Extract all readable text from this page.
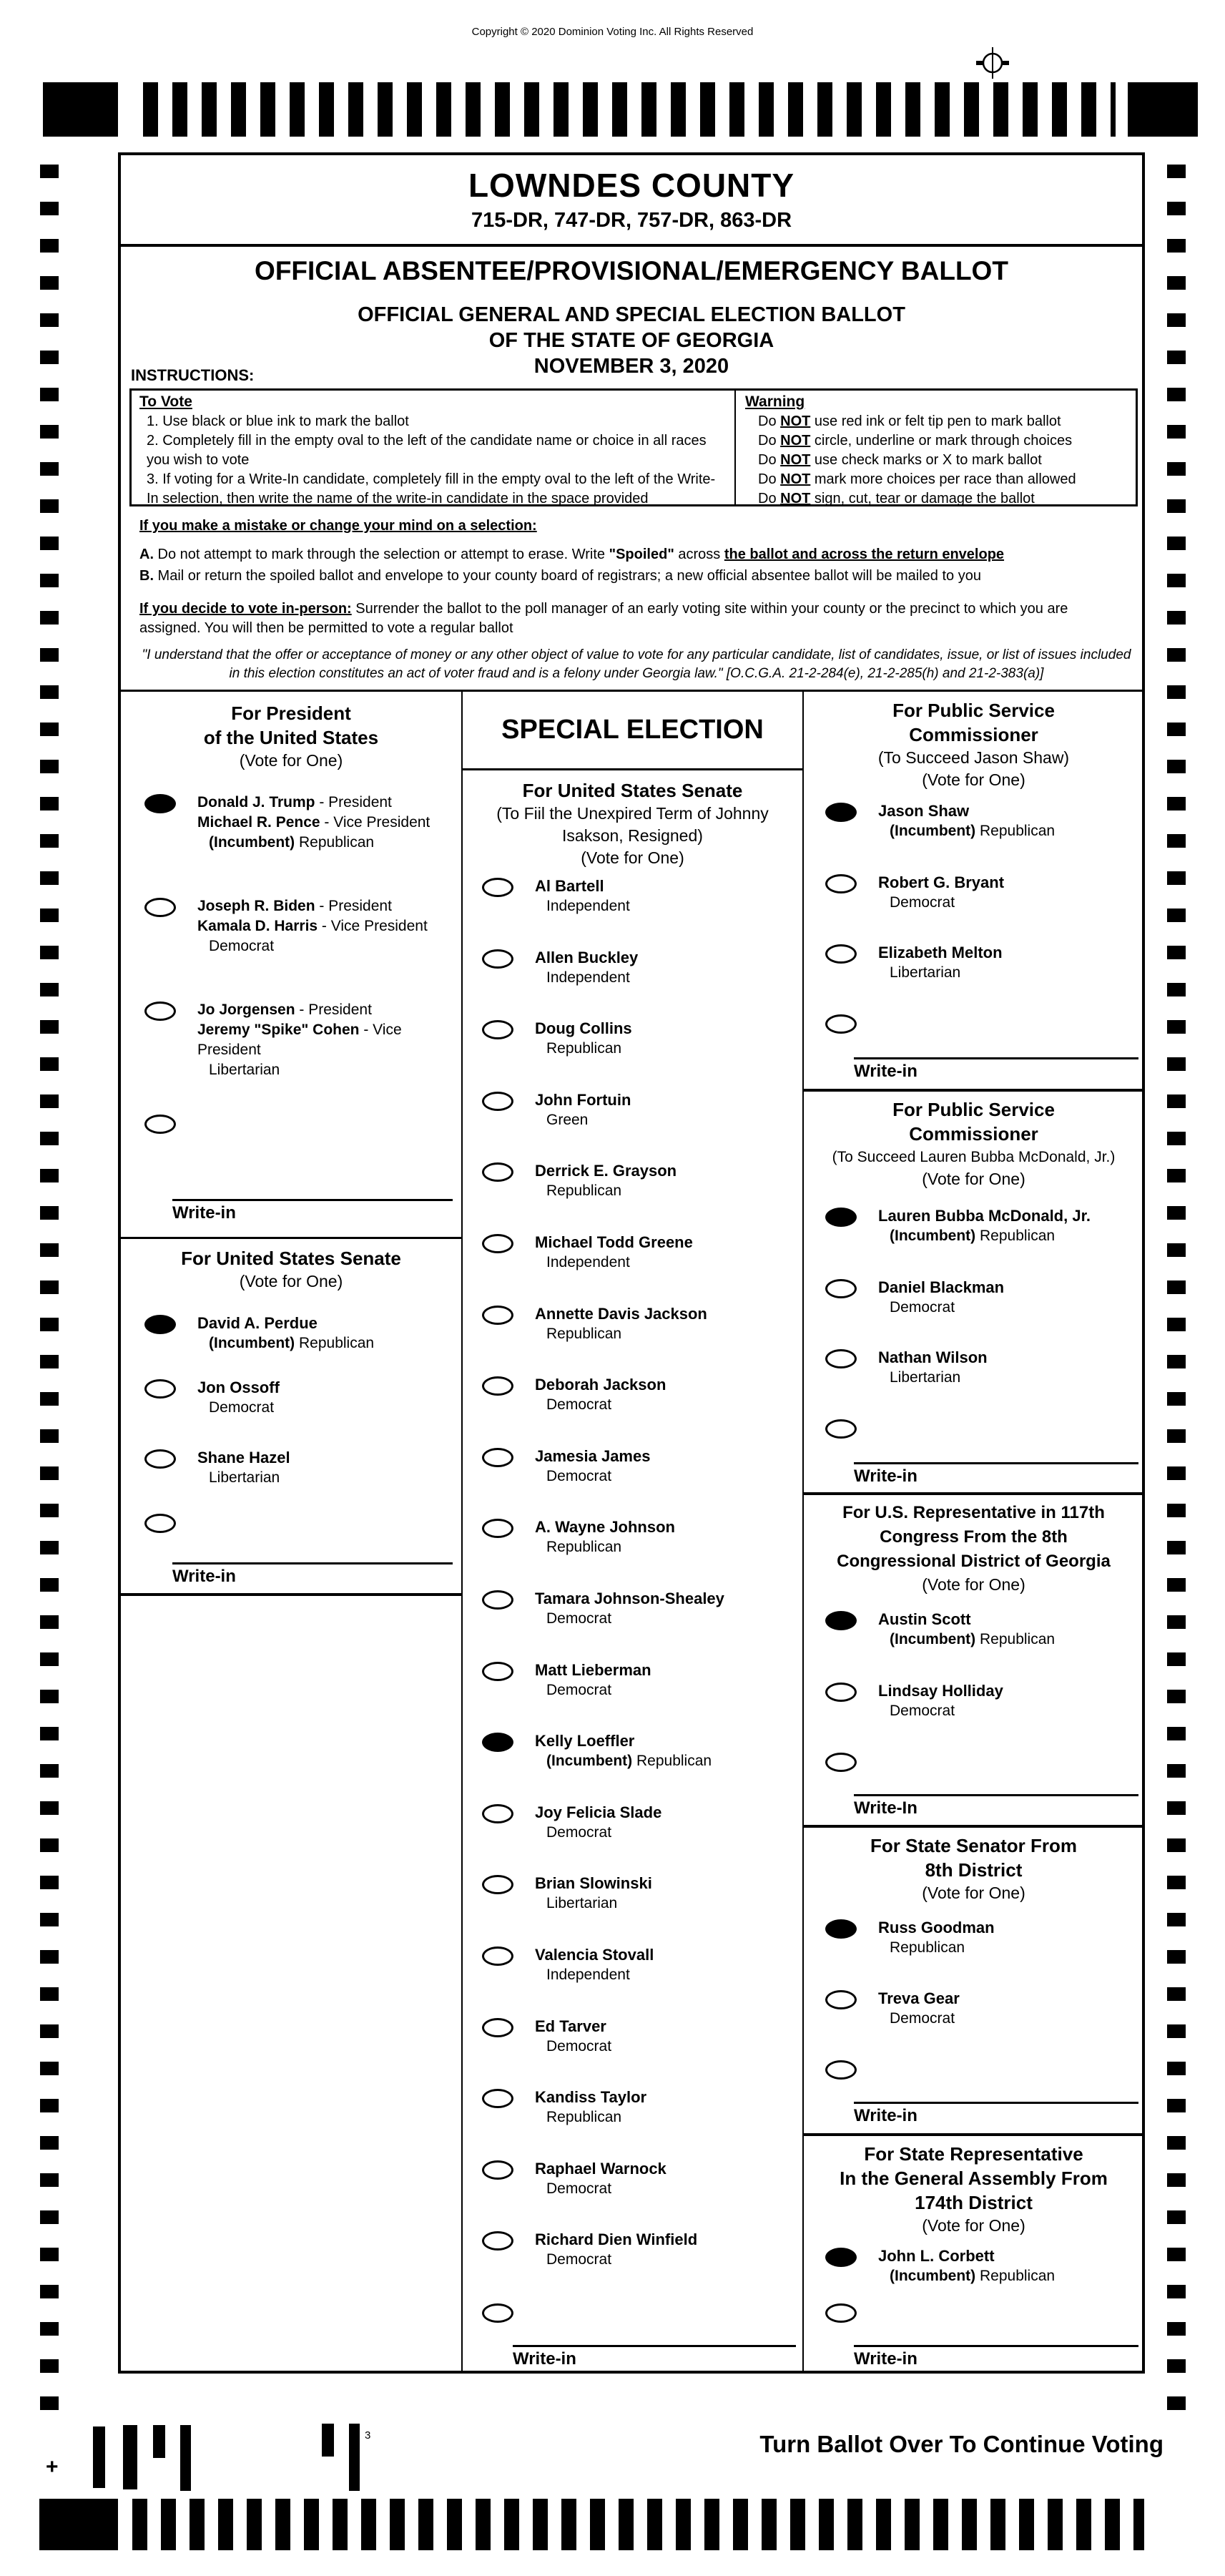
Copyright © 2020 Dominion Voting Inc. All Rights Reserved
LOWNDES COUNTY
715-DR, 747-DR, 757-DR, 863-DR
OFFICIAL ABSENTEE/PROVISIONAL/EMERGENCY BALLOT
OFFICIAL GENERAL AND SPECIAL ELECTION BALLOT
OF THE STATE OF GEORGIA
NOVEMBER 3, 2020
INSTRUCTIONS:
To Vote
1. Use black or blue ink to mark the ballot
2. Completely fill in the empty oval to the left of the candidate name or choice in all races you wish to vote
3. If voting for a Write-In candidate, completely fill in the empty oval to the left of the Write-In selection, then write the name of the write-in candidate in the space provided
Warning
Do NOT use red ink or felt tip pen to mark ballot
Do NOT circle, underline or mark through choices
Do NOT use check marks or X to mark ballot
Do NOT mark more choices per race than allowed
Do NOT sign, cut, tear or damage the ballot
If you make a mistake or change your mind on a selection:
A. Do not attempt to mark through the selection or attempt to erase. Write "Spoiled" across the ballot and across the return envelope
B. Mail or return the spoiled ballot and envelope to your county board of registrars; a new official absentee ballot will be mailed to you
If you decide to vote in-person: Surrender the ballot to the poll manager of an early voting site within your county or the precinct to which you are assigned. You will then be permitted to vote a regular ballot
"I understand that the offer or acceptance of money or any other object of value to vote for any particular candidate, list of candidates, issue, or list of issues included in this election constitutes an act of voter fraud and is a felony under Georgia law." [O.C.G.A. 21-2-284(e), 21-2-285(h) and 21-2-383(a)]
For President
of the United States
(Vote for One)
Donald J. Trump - President
Michael R. Pence - Vice President
(Incumbent) Republican
Joseph R. Biden - President
Kamala D. Harris - Vice President
Democrat
Jo Jorgensen - President
Jeremy "Spike" Cohen - Vice President
Libertarian
Write-in
For United States Senate
(Vote for One)
David A. Perdue
(Incumbent) Republican
Jon Ossoff
Democrat
Shane Hazel
Libertarian
Write-in
SPECIAL ELECTION
For United States Senate
(To Fiil the Unexpired Term of Johnny
Isakson, Resigned)
(Vote for One)
Al Bartell
Independent
Allen Buckley
Independent
Doug Collins
Republican
John Fortuin
Green
Derrick E. Grayson
Republican
Michael Todd Greene
Independent
Annette Davis Jackson
Republican
Deborah Jackson
Democrat
Jamesia James
Democrat
A. Wayne Johnson
Republican
Tamara Johnson-Shealey
Democrat
Matt Lieberman
Democrat
Kelly Loeffler
(Incumbent) Republican
Joy Felicia Slade
Democrat
Brian Slowinski
Libertarian
Valencia Stovall
Independent
Ed Tarver
Democrat
Kandiss Taylor
Republican
Raphael Warnock
Democrat
Richard Dien Winfield
Democrat
Write-in
For Public Service
Commissioner
(To Succeed Jason Shaw)
(Vote for One)
Jason Shaw
(Incumbent) Republican
Robert G. Bryant
Democrat
Elizabeth Melton
Libertarian
Write-in
For Public Service
Commissioner
(To Succeed Lauren Bubba McDonald, Jr.)
(Vote for One)
Lauren Bubba McDonald, Jr.
(Incumbent) Republican
Daniel Blackman
Democrat
Nathan Wilson
Libertarian
Write-in
For U.S. Representative in 117th
Congress From the 8th
Congressional District of Georgia
(Vote for One)
Austin Scott
(Incumbent) Republican
Lindsay Holliday
Democrat
Write-In
For State Senator From
8th District
(Vote for One)
Russ Goodman
Republican
Treva Gear
Democrat
Write-in
For State Representative
In the General Assembly From
174th District
(Vote for One)
John L. Corbett
(Incumbent) Republican
Write-in
+
3	Turn Ballot Over To Continue Voting
